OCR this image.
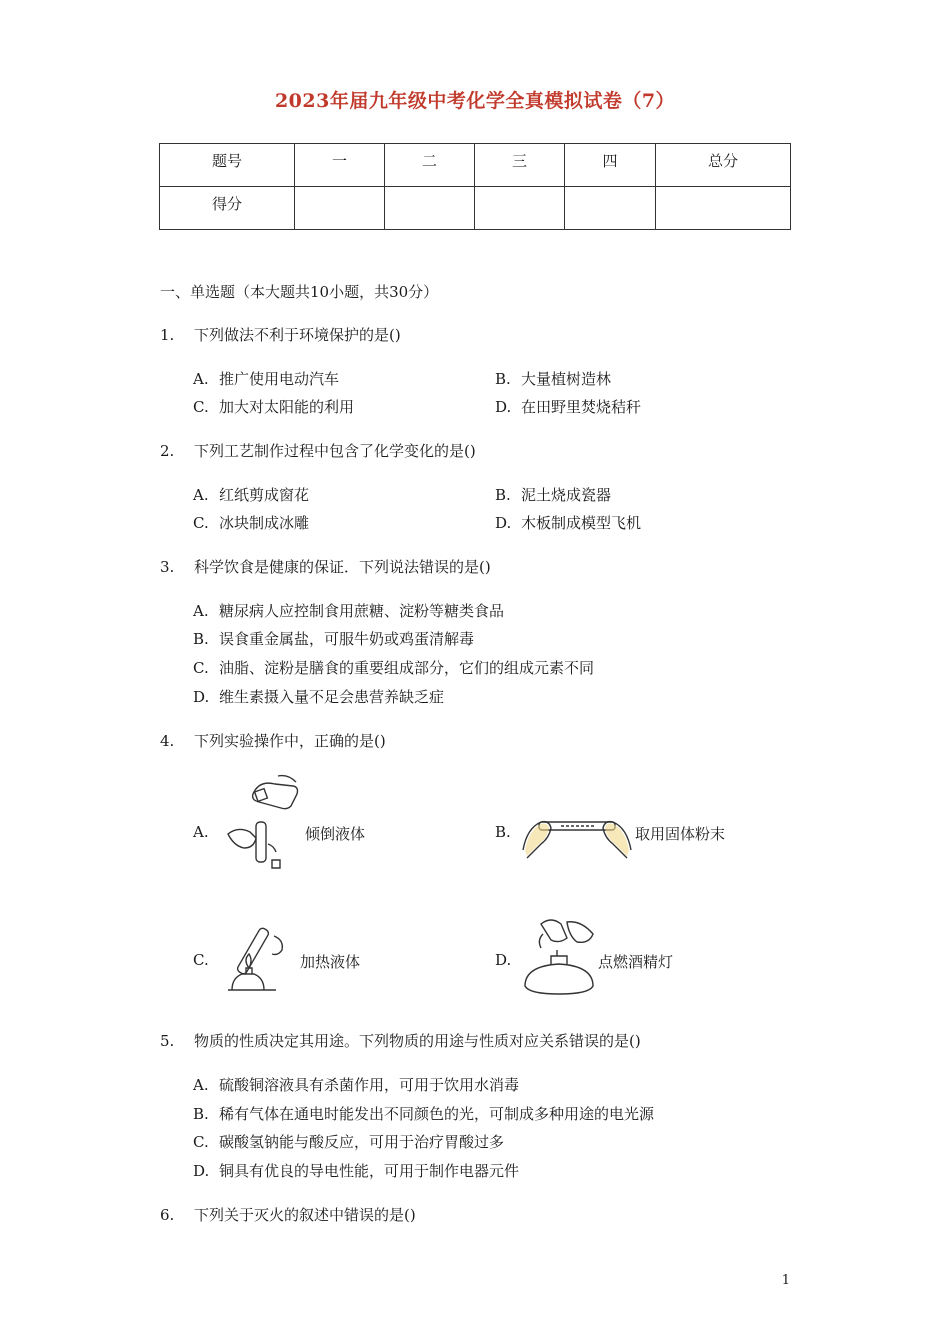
2023年届九年级中考化学全真模拟试卷（7）
题号	一	二	三	四	总分
得分					
一、单选题（本大题共10小题，共30分）
1. 下列做法不利于环境保护的是()
A. 推广使用电动汽车	B. 大量植树造林
C. 加大对太阳能的利用	D. 在田野里焚烧秸秆
2. 下列工艺制作过程中包含了化学变化的是()
A. 红纸剪成窗花	B. 泥土烧成瓷器
C. 冰块制成冰雕	D. 木板制成模型飞机
3. 科学饮食是健康的保证．下列说法错误的是()
A. 糖尿病人应控制食用蔗糖、淀粉等糖类食品
B. 误食重金属盐，可服牛奶或鸡蛋清解毒
C. 油脂、淀粉是膳食的重要组成部分，它们的组成元素不同
D. 维生素摄入量不足会患营养缺乏症
4. 下列实验操作中，正确的是()
A.	倾倒液体	B.	取用固体粉末
C.	加热液体	D.	点燃酒精灯
5. 物质的性质决定其用途。下列物质的用途与性质对应关系错误的是()
A. 硫酸铜溶液具有杀菌作用，可用于饮用水消毒
B. 稀有气体在通电时能发出不同颜色的光，可制成多种用途的电光源
C. 碳酸氢钠能与酸反应，可用于治疗胃酸过多
D. 铜具有优良的导电性能，可用于制作电器元件
6. 下列关于灭火的叙述中错误的是()
1
